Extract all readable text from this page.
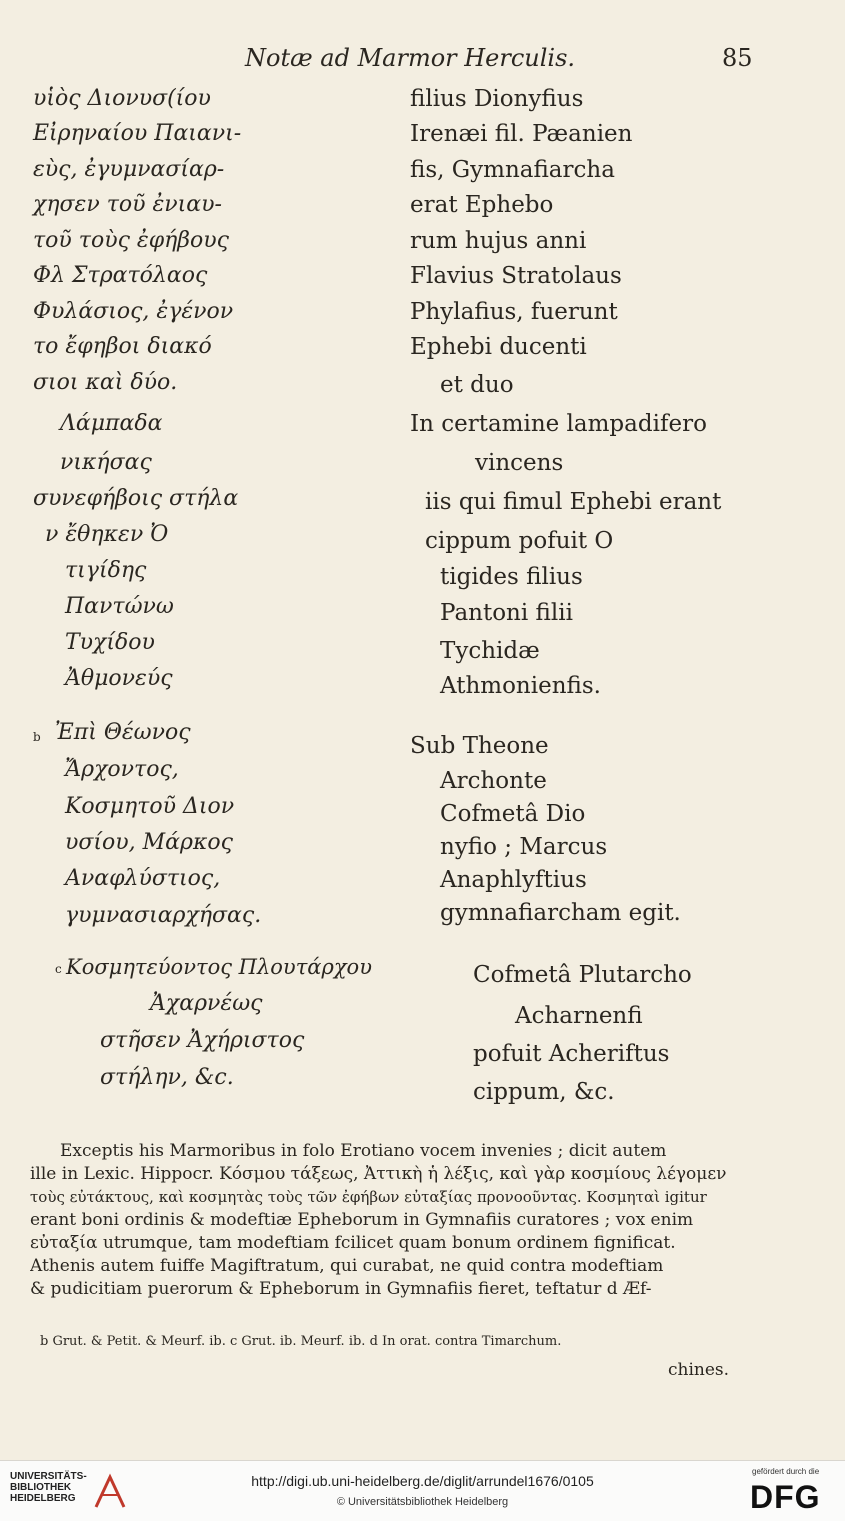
Notæ ad Marmor Herculis.	85
υἱὸς Διονυσ(ίου
Εἰρηναίου Παιανι-
εὺς, ἐγυμνασίαρ-
χησεν τοῦ ἐνιαυ-
τοῦ τοὺς ἐφήβους
Φλ Στρατόλαος
Φυλάσιος, ἐγένον
το ἔφηβοι διακό
σιοι καὶ δύο.
Λάμπαδα
νικήσας
συνεφήβοις στήλα
ν ἔθηκεν Ὀ
τιγίδης
Παντώνω
Τυχίδου
Ἀθμονεύς
b Ἐπὶ Θέωνος
Ἄρχοντος,
Κοσμητοῦ Διον
υσίου, Μάρκος
Αναφλύστιος,
γυμνασιαρχήσας.
c Κοσμητεύοντος Πλουτάρχου
Ἀχαρνέως
στῆσεν Ἀχήριστος
στήλην, &c.
filius Dionyfius
Irenæi fil. Pæanien
fis, Gymnafiarcha
erat Ephebo
rum hujus anni
Flavius Stratolaus
Phylafius, fuerunt
Ephebi ducenti
et duo
In certamine lampadifero
vincens
iis qui fimul Ephebi erant
cippum pofuit O
tigides filius
Pantoni filii
Tychidæ
Athmonienfis.
Sub Theone
Archonte
Cofmetâ Dio
nyfio ; Marcus
Anaphlyftius
gymnafiarcham egit.
Cofmetâ Plutarcho
Acharnenfi
pofuit Acheriftus
cippum, &c.
Exceptis his Marmoribus in folo Erotiano vocem invenies ; dicit autem
ille in Lexic. Hippocr. Κόσμου τάξεως, Ἀττικὴ ἡ λέξις, καὶ γὰρ κοσμίους λέγομεν
τοὺς εὐτάκτους, καὶ κοσμητὰς τοὺς τῶν ἐφήβων εὐταξίας προνοοῦντας. Κοσμηταὶ igitur
erant boni ordinis & modeftiæ Epheborum in Gymnafiis curatores ; vox enim
εὐταξία utrumque, tam modeftiam fcilicet quam bonum ordinem fignificat.
Athenis autem fuiffe Magiftratum, qui curabat, ne quid contra modeftiam
& pudicitiam puerorum & Epheborum in Gymnafiis fieret, teftatur d Æf-
b Grut. & Petit. & Meurf. ib. c Grut. ib. Meurf. ib. d In orat. contra Timarchum.
chines.
UNIVERSITÄTS-
BIBLIOTHEK
HEIDELBERG
http://digi.ub.uni-heidelberg.de/diglit/arrundel1676/0105
© Universitätsbibliothek Heidelberg
gefördert durch die
DFG
